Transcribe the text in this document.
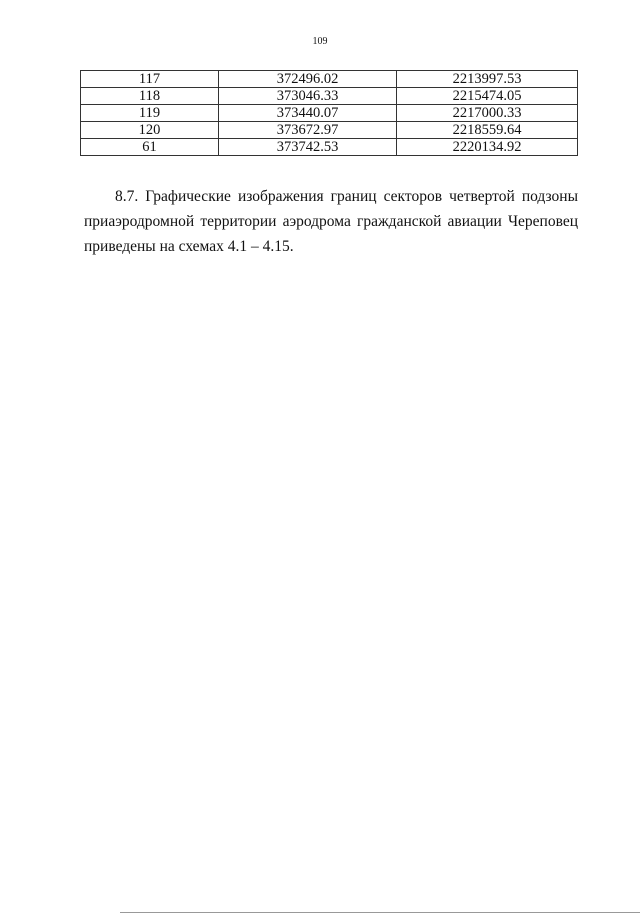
109
117	372496.02	2213997.53
118	373046.33	2215474.05
119	373440.07	2217000.33
120	373672.97	2218559.64
61	373742.53	2220134.92
8.7. Графические изображения границ секторов четвертой подзоны приаэродромной территории аэродрома гражданской авиации Череповец приведены на схемах 4.1 – 4.15.
